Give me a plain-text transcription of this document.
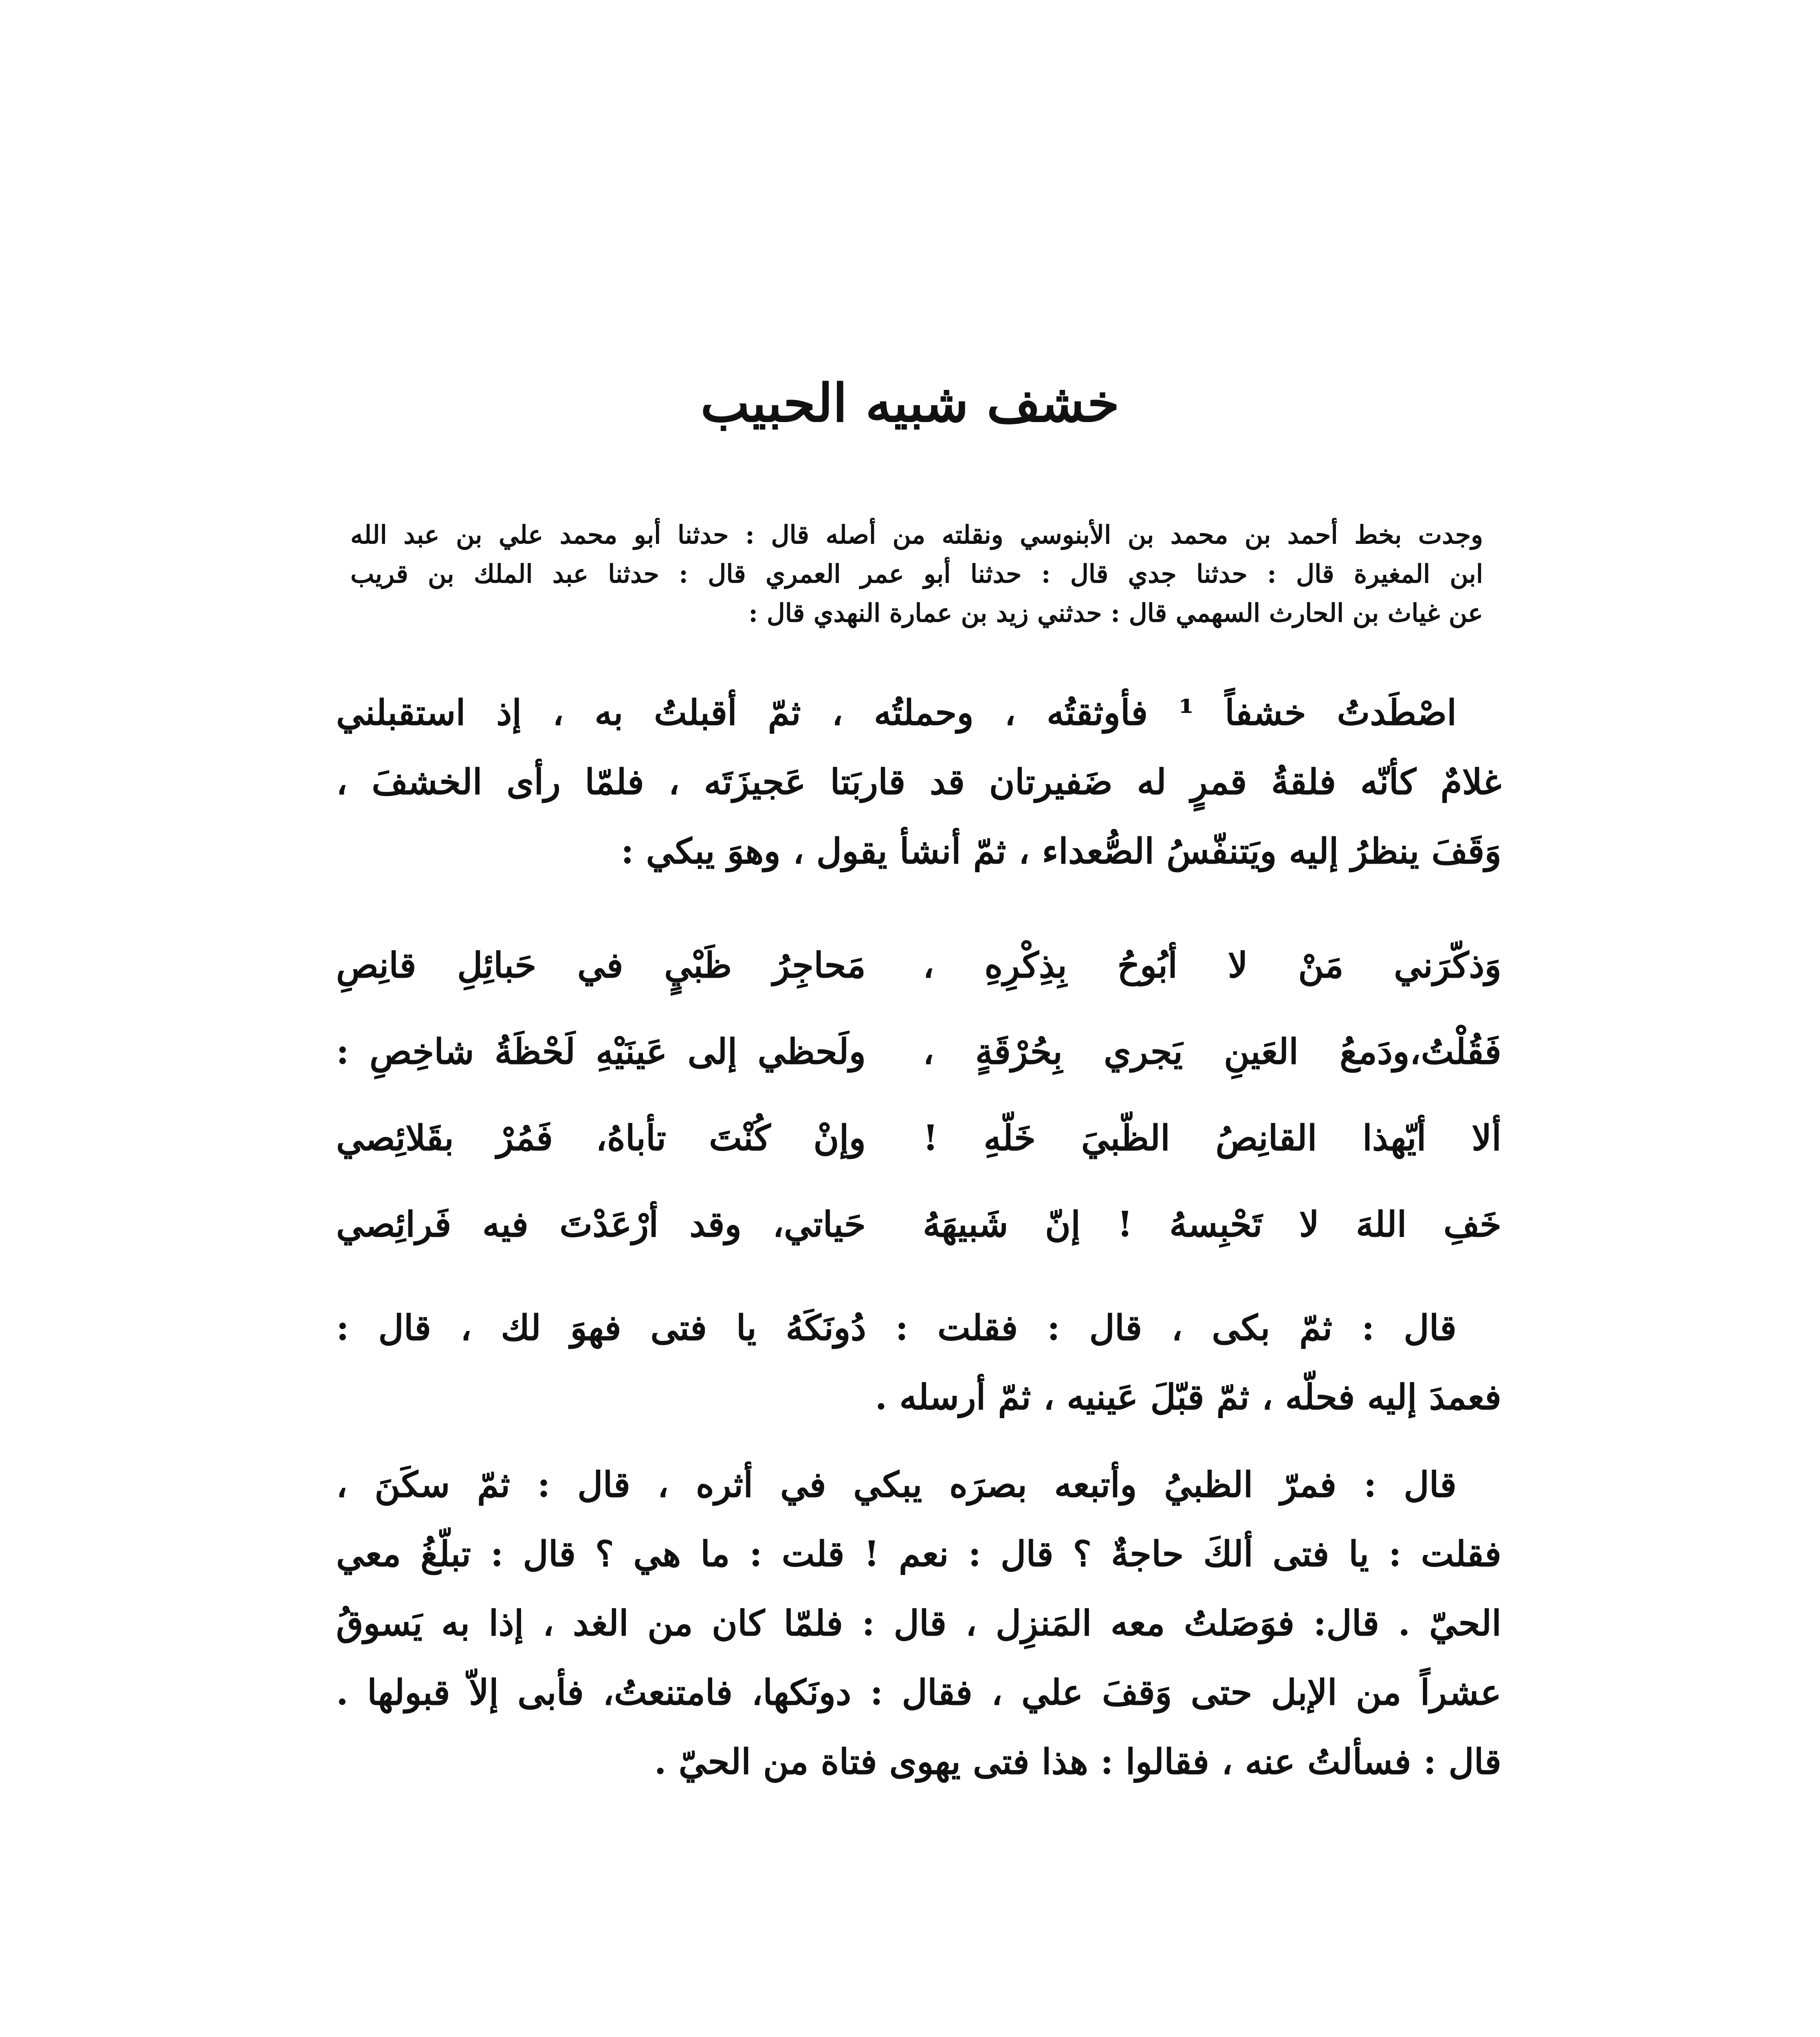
خشف شبيه الحبيب
وجدت بخط أحمد بن محمد بن الأبنوسي ونقلته من أصله قال : حدثنا أبو محمد علي بن عبد الله
ابن المغيرة قال : حدثنا جدي قال : حدثنا أبو عمر العمري قال : حدثنا عبد الملك بن قريب
عن غياث بن الحارث السهمي قال : حدثني زيد بن عمارة النهدي قال :
اصْطَدتُ خشفاً ¹ فأوثقتُه ، وحملتُه ، ثمّ أقبلتُ به ، إذ استقبلني
غلامٌ كأنّه فلقةُ قمرٍ له ضَفيرتان قد قاربَتا عَجيزَتَه ، فلمّا رأى الخشفَ ،
وَقَفَ ينظرُ إليه ويَتنفّسُ الصُّعداء ، ثمّ أنشأ يقول ، وهوَ يبكي :
وَذكّرَني مَنْ لا أبُوحُ بِذِكْرِهِ ،
مَحاجِرُ ظَبْيٍ في حَبائِلِ قانِصِ
فَقُلْتُ،ودَمعُ العَينِ يَجري بِحُرْقَةٍ ،
ولَحظي إلى عَينَيْهِ لَحْظَةُ شاخِصِ :
ألا أيّهذا القانِصُ الظّبيَ خَلّهِ !
وإنْ كُنْتَ تأباهُ، فَمُرْ بقَلائِصي
خَفِ اللهَ لا تَحْبِسهُ ! إنّ شَبيهَهُ
حَياتي، وقد أرْعَدْتَ فيه فَرائِصي
قال : ثمّ بكى ، قال : فقلت : دُونَكَهُ يا فتى فهوَ لك ، قال :
فعمدَ إليه فحلّه ، ثمّ قبّلَ عَينيه ، ثمّ أرسله .
قال : فمرّ الظبيُ وأتبعه بصرَه يبكي في أثره ، قال : ثمّ سكَنَ ،
فقلت : يا فتى ألكَ حاجةٌ ؟ قال : نعم ! قلت : ما هي ؟ قال : تبلّغُ معي
الحيّ . قال: فوَصَلتُ معه المَنزِل ، قال : فلمّا كان من الغد ، إذا به يَسوقُ
عشراً من الإبل حتى وَقفَ علي ، فقال : دونَكها، فامتنعتُ، فأبى إلاّ قبولها .
قال : فسألتُ عنه ، فقالوا : هذا فتى يهوى فتاة من الحيّ .
